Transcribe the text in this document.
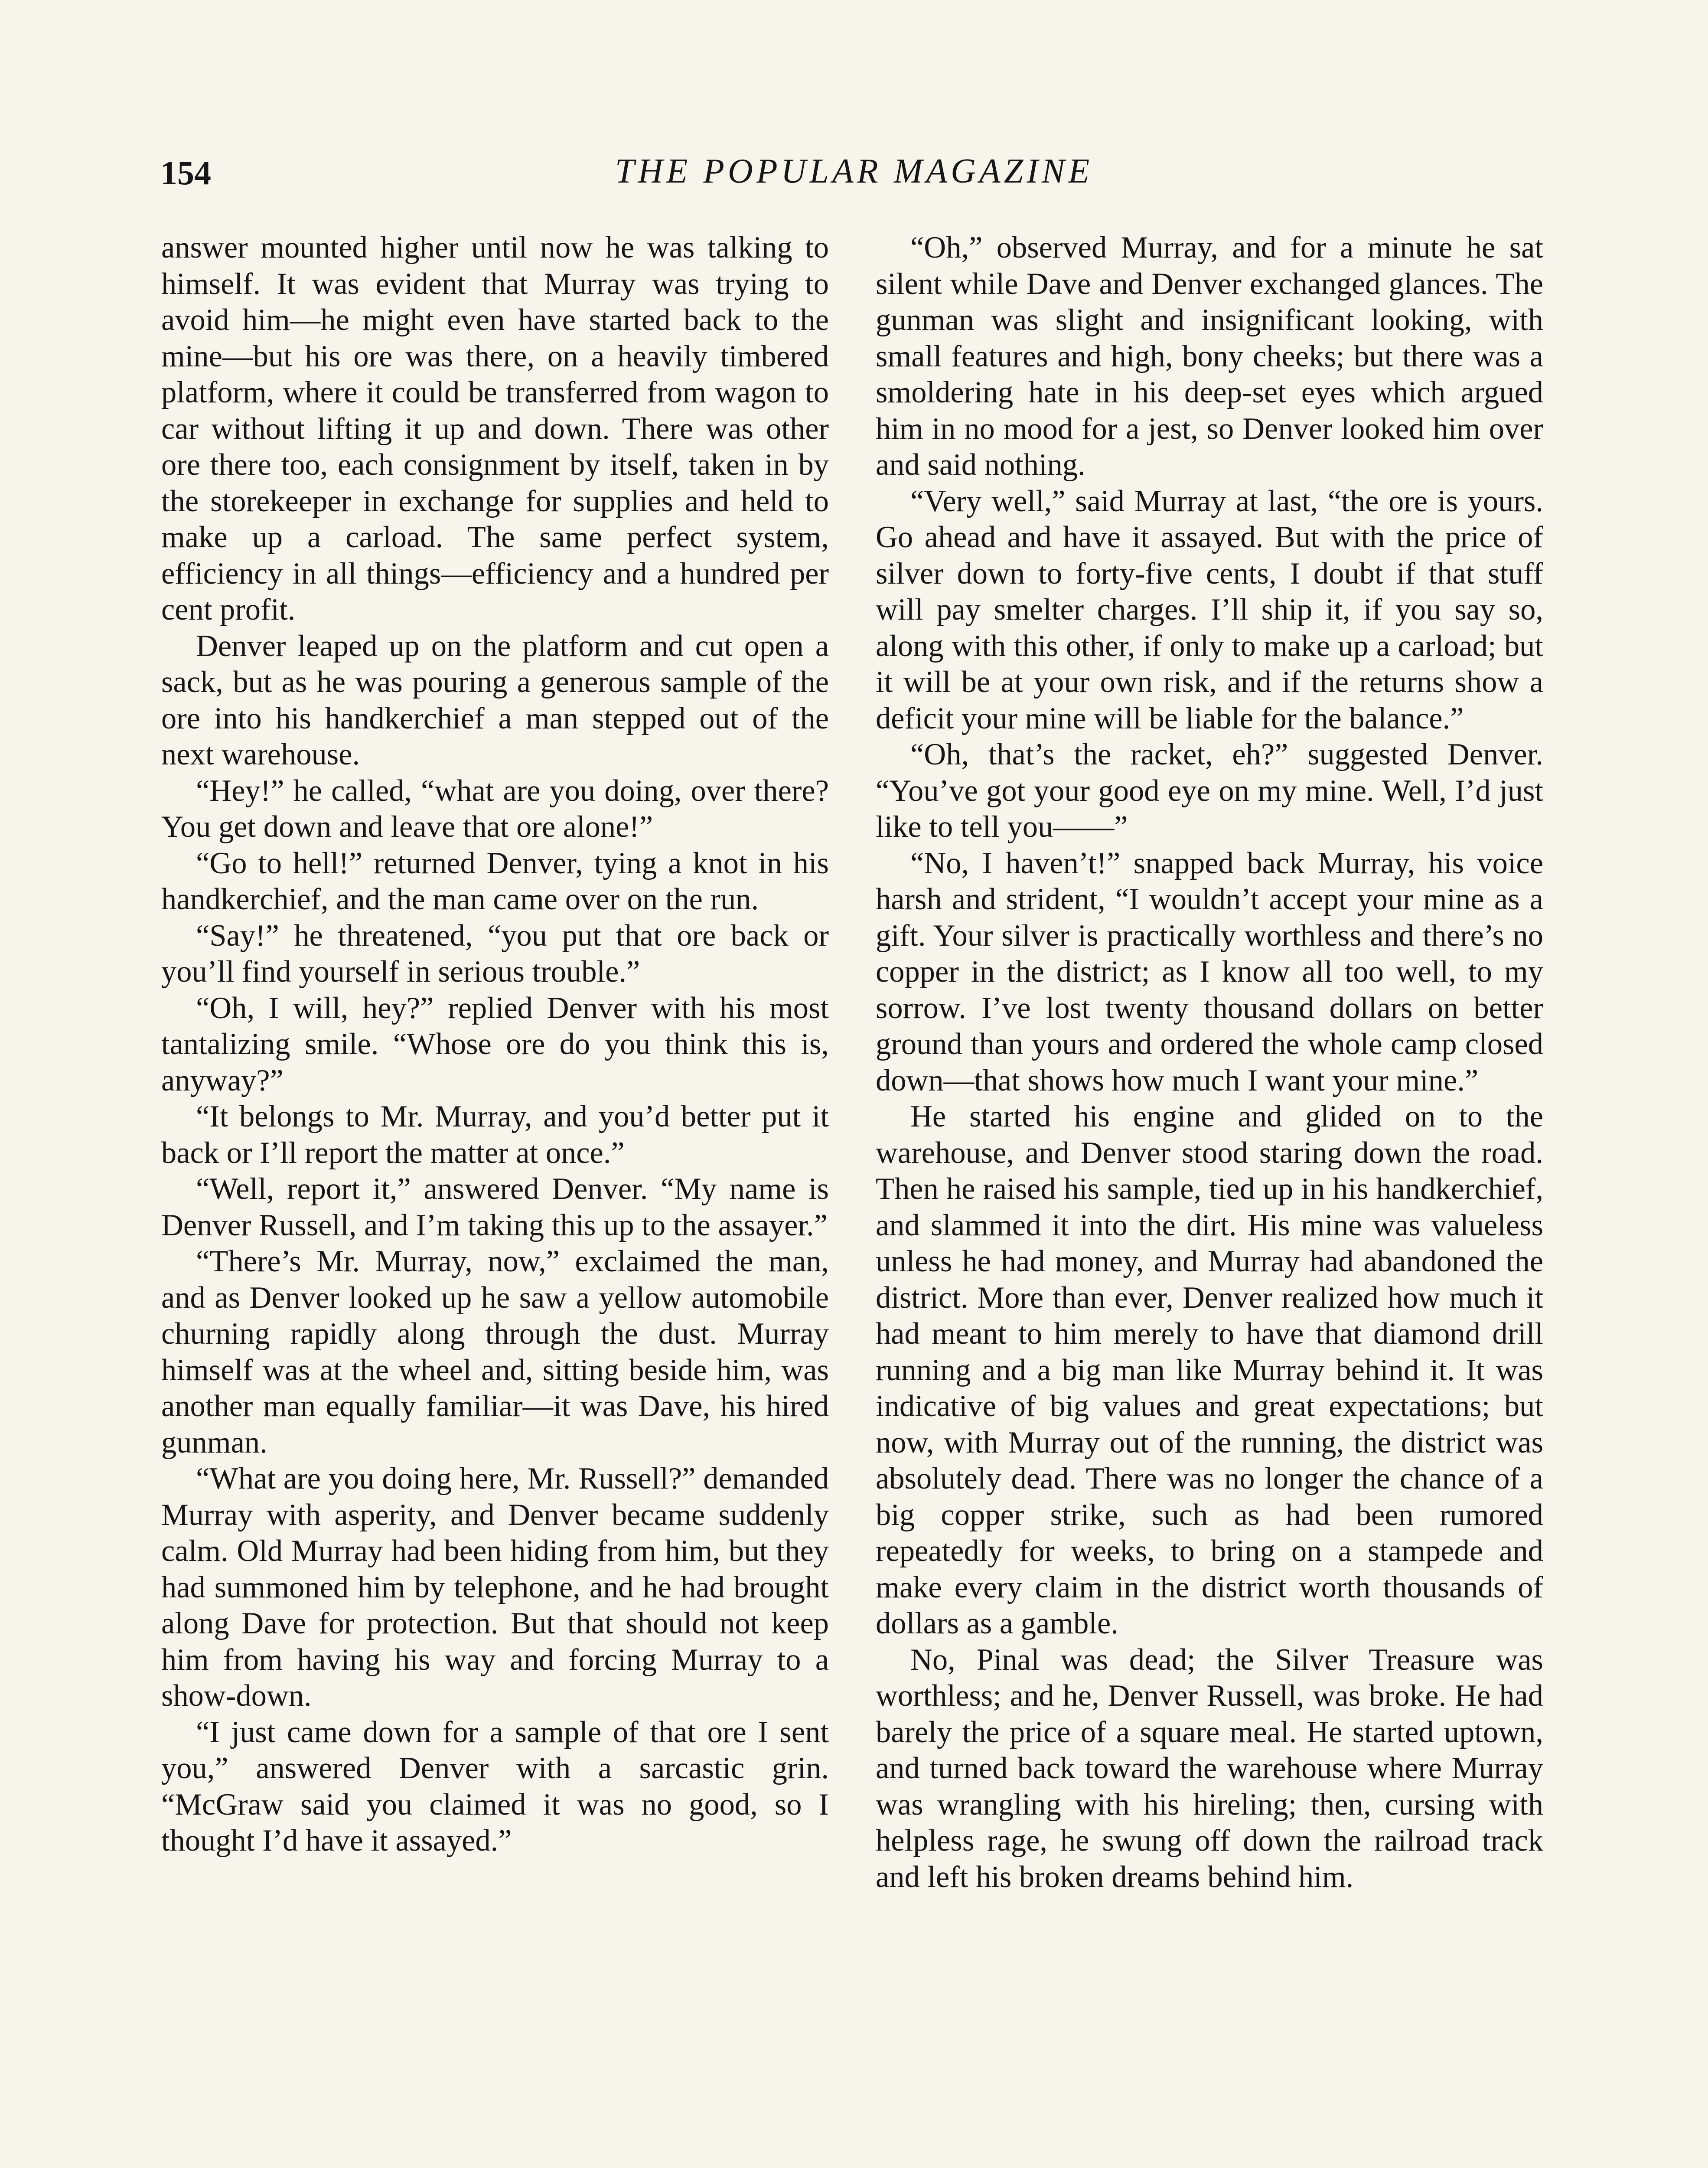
154	THE POPULAR MAGAZINE

answer mounted higher until now he was talking to himself. It was evident that Murray was trying to avoid him—he might even have started back to the mine—but his ore was there, on a heavily timbered platform, where it could be transferred from wagon to car without lifting it up and down. There was other ore there too, each consignment by itself, taken in by the storekeeper in exchange for supplies and held to make up a carload. The same perfect system, efficiency in all things—efficiency and a hundred per cent profit.

Denver leaped up on the platform and cut open a sack, but as he was pouring a generous sample of the ore into his handkerchief a man stepped out of the next warehouse.

“Hey!” he called, “what are you doing, over there? You get down and leave that ore alone!”

“Go to hell!” returned Denver, tying a knot in his handkerchief, and the man came over on the run.

“Say!” he threatened, “you put that ore back or you’ll find yourself in serious trouble.”

“Oh, I will, hey?” replied Denver with his most tantalizing smile. “Whose ore do you think this is, anyway?”

“It belongs to Mr. Murray, and you’d better put it back or I’ll report the matter at once.”

“Well, report it,” answered Denver. “My name is Denver Russell, and I’m taking this up to the assayer.”

“There’s Mr. Murray, now,” exclaimed the man, and as Denver looked up he saw a yellow automobile churning rapidly along through the dust. Murray himself was at the wheel and, sitting beside him, was another man equally familiar—it was Dave, his hired gunman.

“What are you doing here, Mr. Russell?” demanded Murray with asperity, and Denver became suddenly calm. Old Murray had been hiding from him, but they had summoned him by telephone, and he had brought along Dave for protection. But that should not keep him from having his way and forcing Murray to a show-down.

“I just came down for a sample of that ore I sent you,” answered Denver with a sarcastic grin. “McGraw said you claimed it was no good, so I thought I’d have it assayed.”

“Oh,” observed Murray, and for a minute he sat silent while Dave and Denver exchanged glances. The gunman was slight and insignificant looking, with small features and high, bony cheeks; but there was a smoldering hate in his deep-set eyes which argued him in no mood for a jest, so Denver looked him over and said nothing.

“Very well,” said Murray at last, “the ore is yours. Go ahead and have it assayed. But with the price of silver down to forty-five cents, I doubt if that stuff will pay smelter charges. I’ll ship it, if you say so, along with this other, if only to make up a carload; but it will be at your own risk, and if the returns show a deficit your mine will be liable for the balance.”

“Oh, that’s the racket, eh?” suggested Denver. “You’ve got your good eye on my mine. Well, I’d just like to tell you——”

“No, I haven’t!” snapped back Murray, his voice harsh and strident, “I wouldn’t accept your mine as a gift. Your silver is practically worthless and there’s no copper in the district; as I know all too well, to my sorrow. I’ve lost twenty thousand dollars on better ground than yours and ordered the whole camp closed down—that shows how much I want your mine.”

He started his engine and glided on to the warehouse, and Denver stood staring down the road. Then he raised his sample, tied up in his handkerchief, and slammed it into the dirt. His mine was valueless unless he had money, and Murray had abandoned the district. More than ever, Denver realized how much it had meant to him merely to have that diamond drill running and a big man like Murray behind it. It was indicative of big values and great expectations; but now, with Murray out of the running, the district was absolutely dead. There was no longer the chance of a big copper strike, such as had been rumored repeatedly for weeks, to bring on a stampede and make every claim in the district worth thousands of dollars as a gamble.

No, Pinal was dead; the Silver Treasure was worthless; and he, Denver Russell, was broke. He had barely the price of a square meal. He started uptown, and turned back toward the warehouse where Murray was wrangling with his hireling; then, cursing with helpless rage, he swung off down the railroad track and left his broken dreams behind him.
